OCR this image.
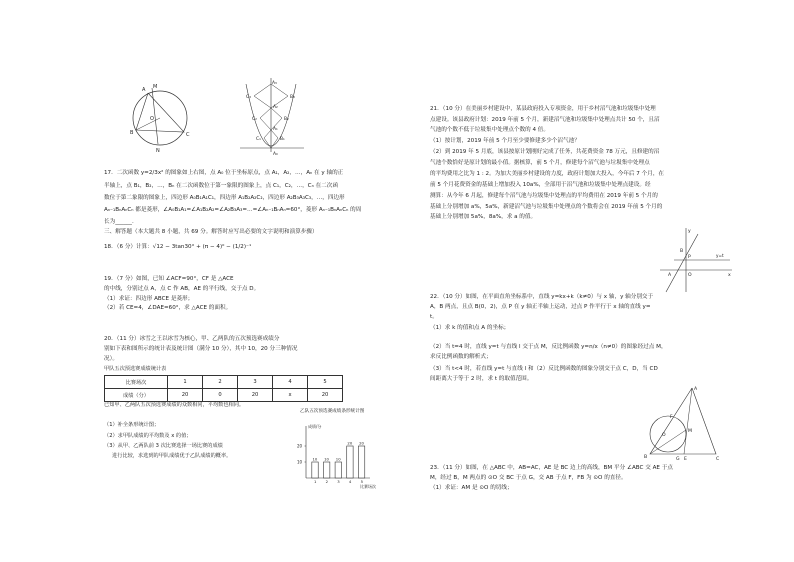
A M
O
B	C
N
A₃
C₃	B₃
A₂
C₂	B₂
A₁
C₁	B₁
A₀
17．二次函数 y=2/3x² 的图象如上右图，点 A₀ 位于坐标原点，点 A₁，A₂，…，Aₙ 在 y 轴的正
半轴上，点 B₁，B₂，…，Bₙ 在二次函数位于第一象限的图象上，点 C₁，C₂，…，Cₙ 在二次函
数位于第二象限的图象上，四边形 A₀B₁A₁C₁，四边形 A₁B₂A₂C₂，四边形 A₂B₃A₃C₃，…，四边形
Aₙ₋₁BₙAₙCₙ 都是菱形，∠A₀B₁A₁=∠A₁B₂A₂=∠A₂B₃A₃=…=∠Aₙ₋₁BₙAₙ=60°，菱形 Aₙ₋₁BₙAₙCₙ 的周
长为______.
三、解答题（本大题共 8 小题，共 69 分。解答时应写出必要的文字说明和演算步骤）
18．（6 分）计算：√12 − 3tan30° + (π − 4)⁰ − (1/2)⁻¹
19．（7 分）如图，已知 ∠ACF=90°，CF 是 △ACE
的中线，分别过点 A，点 C 作 AB，AE 的平行线，交于点 D。
（1）求证：四边形 ABCE 是菱形；
（2）若 CE=4，∠DAE=60°，求 △ACE 的面积。
20．（11 分）冰雪之王以冰雪为核心，甲、乙两队的五次预选赛成绩分
别如下表和图所示的统计表及统计图（满分 10 分），其中 10，20 分三种情况
况）。
甲队五次预选赛成绩统计表
比赛场次	1	2	3	4	5
成绩（分）	20	0	20	x	20
已知甲、乙两队五次预选赛成绩的众数相同，平均数也相同。
（1）补全条形统计图；
（2）求甲队成绩的平均数及 x 的值；
（3）从甲、乙两队前 3 次比赛选择一场比赛的成绩
进行比较，求选到的甲队成绩优于乙队成绩的概率。
乙队五次预选赛成绩条形统计图
成绩/分
比赛场次
10
20
10
1
10
2
10
3
20
4
20
5
21．（10 分）在美丽乡村建设中，某县政府投入专项资金，用于乡村沼气池和垃圾集中处理
点建设。该县政府计划：2019 年前 5 个月，新建沼气池和垃圾集中处理点共计 50 个，且沼
气池的个数不低于垃圾集中处理点个数的 4 倍。
（1）按计划，2019 年前 5 个月至少要修建多少个沼气池？
（2）到 2019 年 5 月底，该县按原计划刚好完成了任务，共花费资金 78 万元，且修建的沼
气池个数恰好是原计划的最小值。据核算，前 5 个月，修建每个沼气池与垃圾集中处理点
的平均费用之比为 1 : 2。为加大美丽乡村建设的力度，政府计划加大投入，今年后 7 个月，在
前 5 个月花费资金的基础上增加投入 10a%，全部用于沼气池和垃圾集中处理点建设。经
测算：从今年 6 月起，修建每个沼气池与垃圾集中处理点的平均费用在 2019 年前 5 个月的
基础上分别增加 a%，5a%，新建沼气池与垃圾集中处理点的个数将会在 2019 年前 5 个月的
基础上分别增加 5a%，8a%，求 a 的值。
y
B
A	O
P
x
y=t
22．（10 分）如图，在平面直角坐标系中，直线 y=kx+k（k≠0）与 x 轴，y 轴分别交于
A，B 两点，且点 B(0，2)，点 P 在 y 轴正半轴上运动，过点 P 作平行于 x 轴的直线 y=
t。
（1）求 k 的值和点 A 的坐标；
（2）当 t=4 时，直线 y=t 与直线 l 交于点 M，反比例函数 y=n/x（n≠0）的图象经过点 M，
求反比例函数的解析式；
（3）当 t<4 时，若直线 y=t 与直线 l 和（2）反比例函数的图象分别交于点 C，D，当 CD
间距离大于等于 2 时，求 t 的取值范围。
A
F
O
M
B	G E	C
23．（11 分）如图，在 △ABC 中，AB=AC，AE 是 BC 边上的高线，BM 平分 ∠ABC 交 AE 于点
M，经过 B，M 两点的 ⊙O 交 BC 于点 G，交 AB 于点 F，FB 为 ⊙O 的直径。
（1）求证：AM 是 ⊙O 的切线；
